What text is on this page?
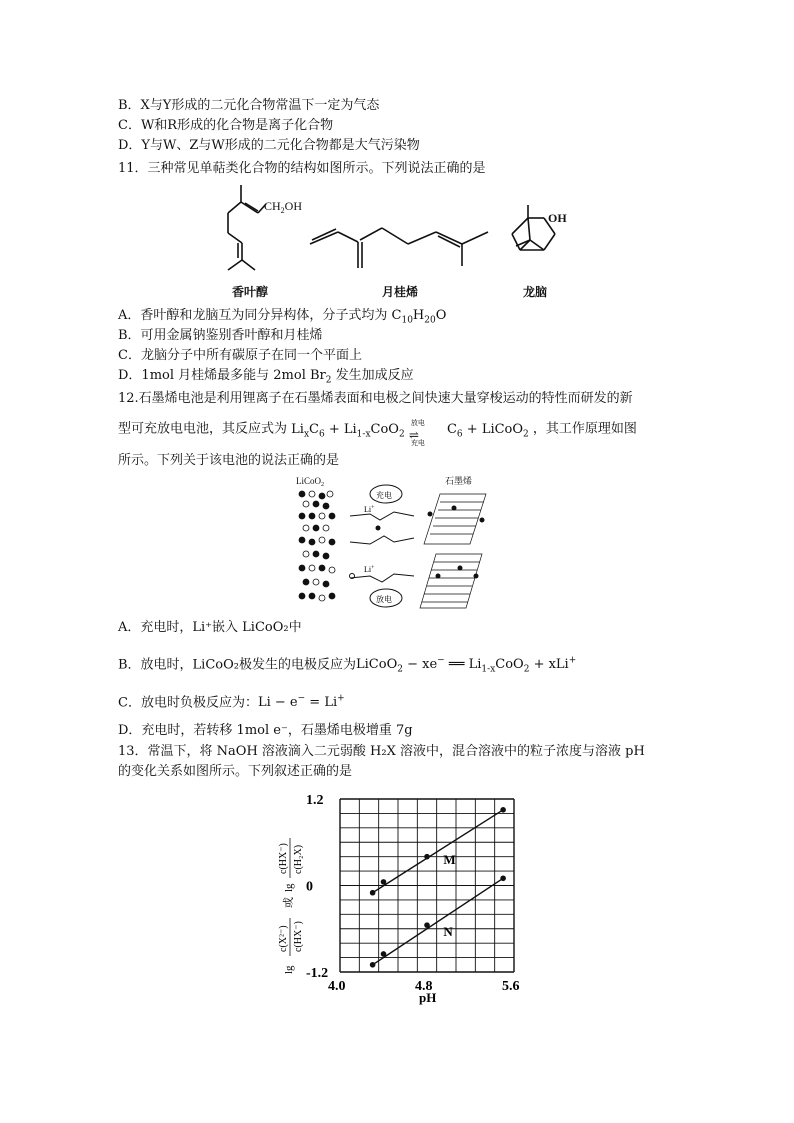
B．X与Y形成的二元化合物常温下一定为气态
C．W和R形成的化合物是离子化合物
D．Y与W、Z与W形成的二元化合物都是大气污染物
11．三种常见单萜类化合物的结构如图所示。下列说法正确的是
$CH_2OH$
OH
香叶醇	月桂烯	龙脑
A．香叶醇和龙脑互为同分异构体，分子式均为 $C_{10}H_{20}O$
B．可用金属钠鉴别香叶醇和月桂烯
C．龙脑分子中所有碳原子在同一个平面上
D．1mol 月桂烯最多能与 2mol $Br_2$ 发生加成反应
12.石墨烯电池是利用锂离子在石墨烯表面和电极之间快速大量穿梭运动的特性而研发的新
型可充放电电池，其反应式为 $Li_xC_6 + Li_{1-x}CoO_2$
放电
⇌
充电
$C_6$ + LiCoO$_2$ ，其工作原理如图
所示。下列关于该电池的说法正确的是
LiCoO$_2$	石墨烯
充电
放电
Li+
Li+
A．充电时，Li⁺嵌入 LiCoO₂中
B．放电时，LiCoO₂极发生的电极反应为LiCoO$_2$ − xe− ══ $Li_{1-x}CoO_2 + xLi^+$
C．放电时负极反应为：Li − e− = Li+
D．充电时，若转移 1mol e⁻，石墨烯电极增重 7g
13．常温下，将 NaOH 溶液滴入二元弱酸 H₂X 溶液中，混合溶液中的粒子浓度与溶液 pH
的变化关系如图所示。下列叙述正确的是
4.0	4.8	5.6
1.2
0
-1.2
M
N
pH
lg
c(X²⁻) c(HX⁻)
或
lg
c(HX⁻) c(H₂X)
